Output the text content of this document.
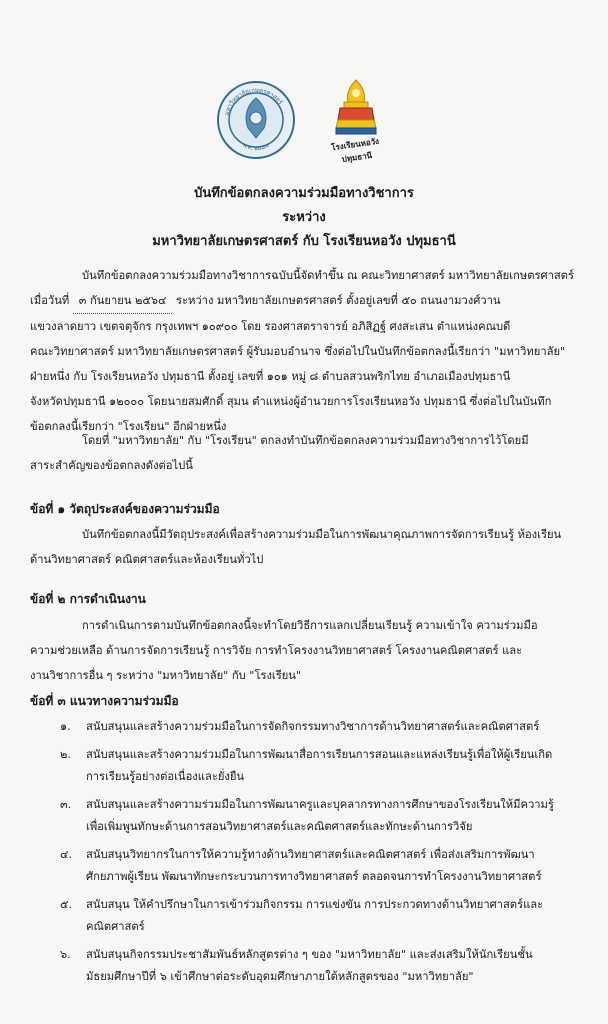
มหาวิทยาลัยเกษตรศาสตร์
พ.ศ. ๒๔๘๖	โรงเรียนหอวัง ปทุมธานี
บันทึกข้อตกลงความร่วมมือทางวิชาการ
ระหว่าง
มหาวิทยาลัยเกษตรศาสตร์ กับ โรงเรียนหอวัง ปทุมธานี
บันทึกข้อตกลงความร่วมมือทางวิชาการฉบับนี้จัดทำขึ้น ณ คณะวิทยาศาสตร์ มหาวิทยาลัยเกษตรศาสตร์
เมื่อวันที่ ๓ กันยายน ๒๕๖๔ ระหว่าง มหาวิทยาลัยเกษตรศาสตร์ ตั้งอยู่เลขที่ ๕๐ ถนนงามวงศ์วาน
แขวงลาดยาว เขตจตุจักร กรุงเทพฯ ๑๐๙๐๐ โดย รองศาสตราจารย์ อภิสิฏฐ์ ศงสะเสน ตำแหน่งคณบดี
คณะวิทยาศาสตร์ มหาวิทยาลัยเกษตรศาสตร์ ผู้รับมอบอำนาจ ซึ่งต่อไปในบันทึกข้อตกลงนี้เรียกว่า "มหาวิทยาลัย"
ฝ่ายหนึ่ง กับ โรงเรียนหอวัง ปทุมธานี ตั้งอยู่ เลขที่ ๑๐๑ หมู่ ๘ ตำบลสวนพริกไทย อำเภอเมืองปทุมธานี
จังหวัดปทุมธานี ๑๒๐๐๐ โดยนายสมศักดิ์ สุมน ตำแหน่งผู้อำนวยการโรงเรียนหอวัง ปทุมธานี ซึ่งต่อไปในบันทึก
ข้อตกลงนี้เรียกว่า "โรงเรียน" อีกฝ่ายหนึ่ง
โดยที่ "มหาวิทยาลัย" กับ "โรงเรียน" ตกลงทำบันทึกข้อตกลงความร่วมมือทางวิชาการไว้โดยมี
สาระสำคัญของข้อตกลงดังต่อไปนี้
ข้อที่ ๑ วัตถุประสงค์ของความร่วมมือ
บันทึกข้อตกลงนี้มีวัตถุประสงค์เพื่อสร้างความร่วมมือในการพัฒนาคุณภาพการจัดการเรียนรู้ ห้องเรียน
ด้านวิทยาศาสตร์ คณิตศาสตร์และห้องเรียนทั่วไป
ข้อที่ ๒ การดำเนินงาน
การดำเนินการตามบันทึกข้อตกลงนี้จะทำโดยวิธีการแลกเปลี่ยนเรียนรู้ ความเข้าใจ ความร่วมมือ
ความช่วยเหลือ ด้านการจัดการเรียนรู้ การวิจัย การทำโครงงานวิทยาศาสตร์ โครงงานคณิตศาสตร์ และ
งานวิชาการอื่น ๆ ระหว่าง "มหาวิทยาลัย" กับ "โรงเรียน"
ข้อที่ ๓ แนวทางความร่วมมือ
๑. สนับสนุนและสร้างความร่วมมือในการจัดกิจกรรมทางวิชาการด้านวิทยาศาสตร์และคณิตศาสตร์
๒. สนับสนุนและสร้างความร่วมมือในการพัฒนาสื่อการเรียนการสอนและแหล่งเรียนรู้เพื่อให้ผู้เรียนเกิด
การเรียนรู้อย่างต่อเนื่องและยั่งยืน
๓. สนับสนุนและสร้างความร่วมมือในการพัฒนาครูและบุคลากรทางการศึกษาของโรงเรียนให้มีความรู้
เพื่อเพิ่มพูนทักษะด้านการสอนวิทยาศาสตร์และคณิตศาสตร์และทักษะด้านการวิจัย
๔. สนับสนุนวิทยากรในการให้ความรู้ทางด้านวิทยาศาสตร์และคณิตศาสตร์ เพื่อส่งเสริมการพัฒนา
ศักยภาพผู้เรียน พัฒนาทักษะกระบวนการทางวิทยาศาสตร์ ตลอดจนการทำโครงงานวิทยาศาสตร์
๕. สนับสนุน ให้คำปรึกษาในการเข้าร่วมกิจกรรม การแข่งขัน การประกวดทางด้านวิทยาศาสตร์และ
คณิตศาสตร์
๖. สนับสนุนกิจกรรมประชาสัมพันธ์หลักสูตรต่าง ๆ ของ "มหาวิทยาลัย" และส่งเสริมให้นักเรียนชั้น
มัธยมศึกษาปีที่ ๖ เข้าศึกษาต่อระดับอุดมศึกษาภายใต้หลักสูตรของ "มหาวิทยาลัย"
